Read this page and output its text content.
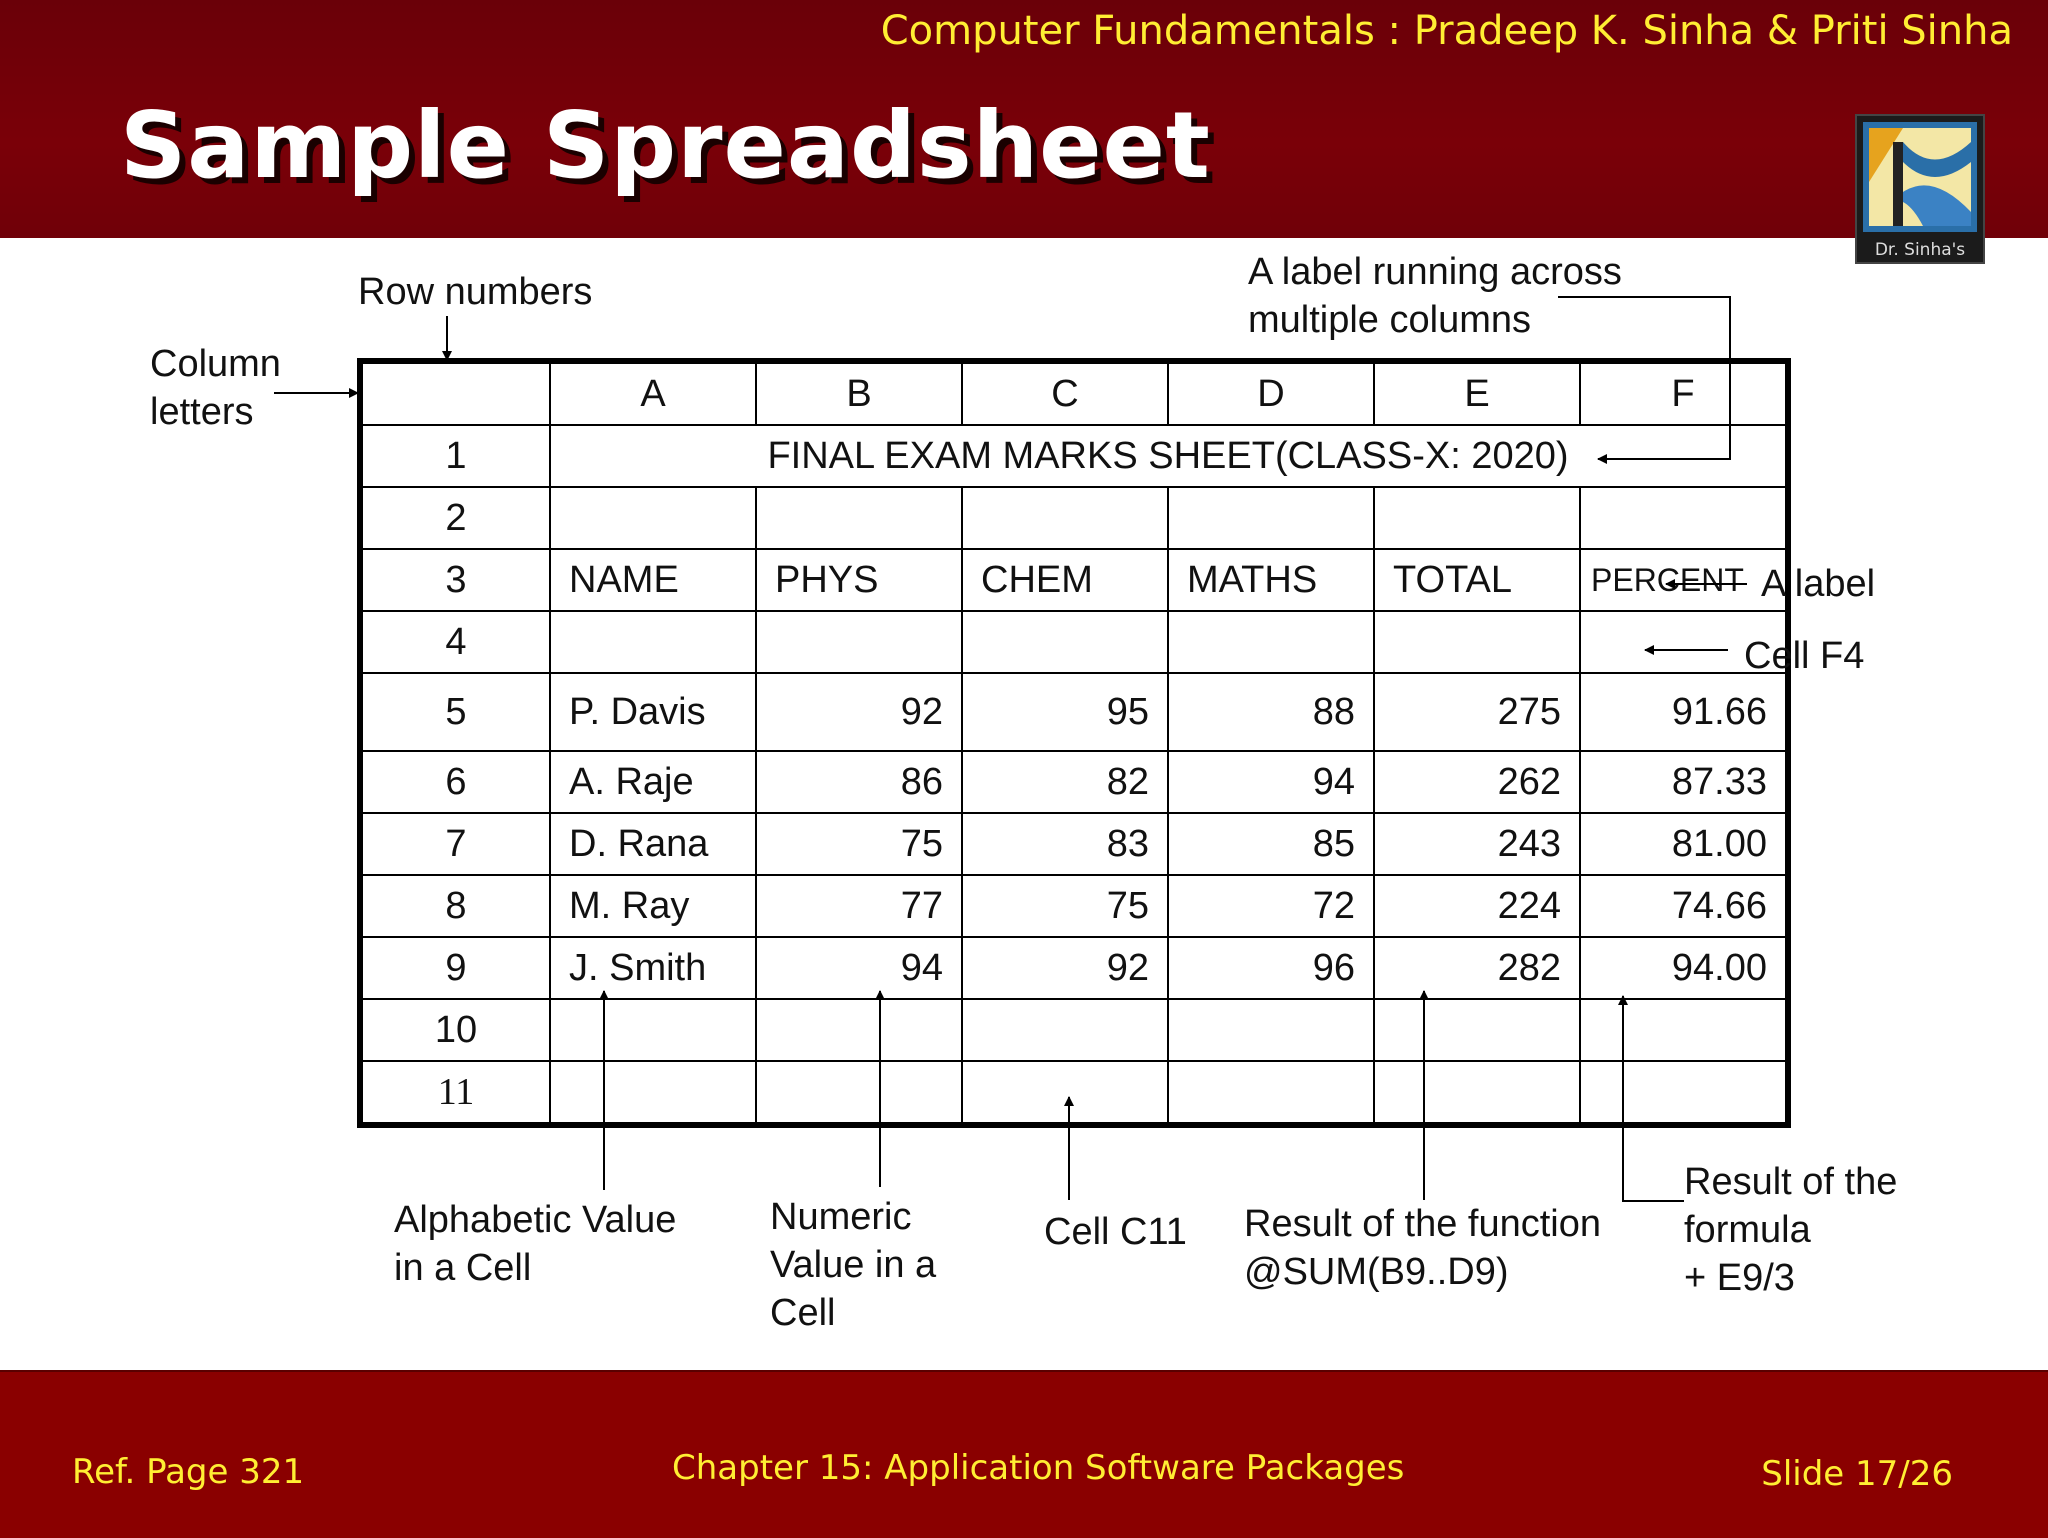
Computer Fundamentals : Pradeep K. Sinha & Priti Sinha
Sample Spreadsheet
Dr. Sinha's
	A	B	C	D	E	F
1	FINAL EXAM MARKS SHEET(CLASS-X: 2020)					
2						
3	NAME	PHYS	CHEM	MATHS	TOTAL	PERCENT
4						
5	P. Davis	92	95	88	275	91.66
6	A. Raje	86	82	94	262	87.33
7	D. Rana	75	83	85	243	81.00
8	M. Ray	77	75	72	224	74.66
9	J. Smith	94	92	96	282	94.00
10						
11						
Row numbers
Column
letters
A label running across
multiple columns
A label
Cell F4
Alphabetic Value
in a Cell
Numeric
Value in a
Cell
Cell C11 Result of the function
@SUM(B9..D9)
Result of the
formula
+ E9/3
Ref. Page 321	Chapter 15: Application Software Packages	Slide 17/26
